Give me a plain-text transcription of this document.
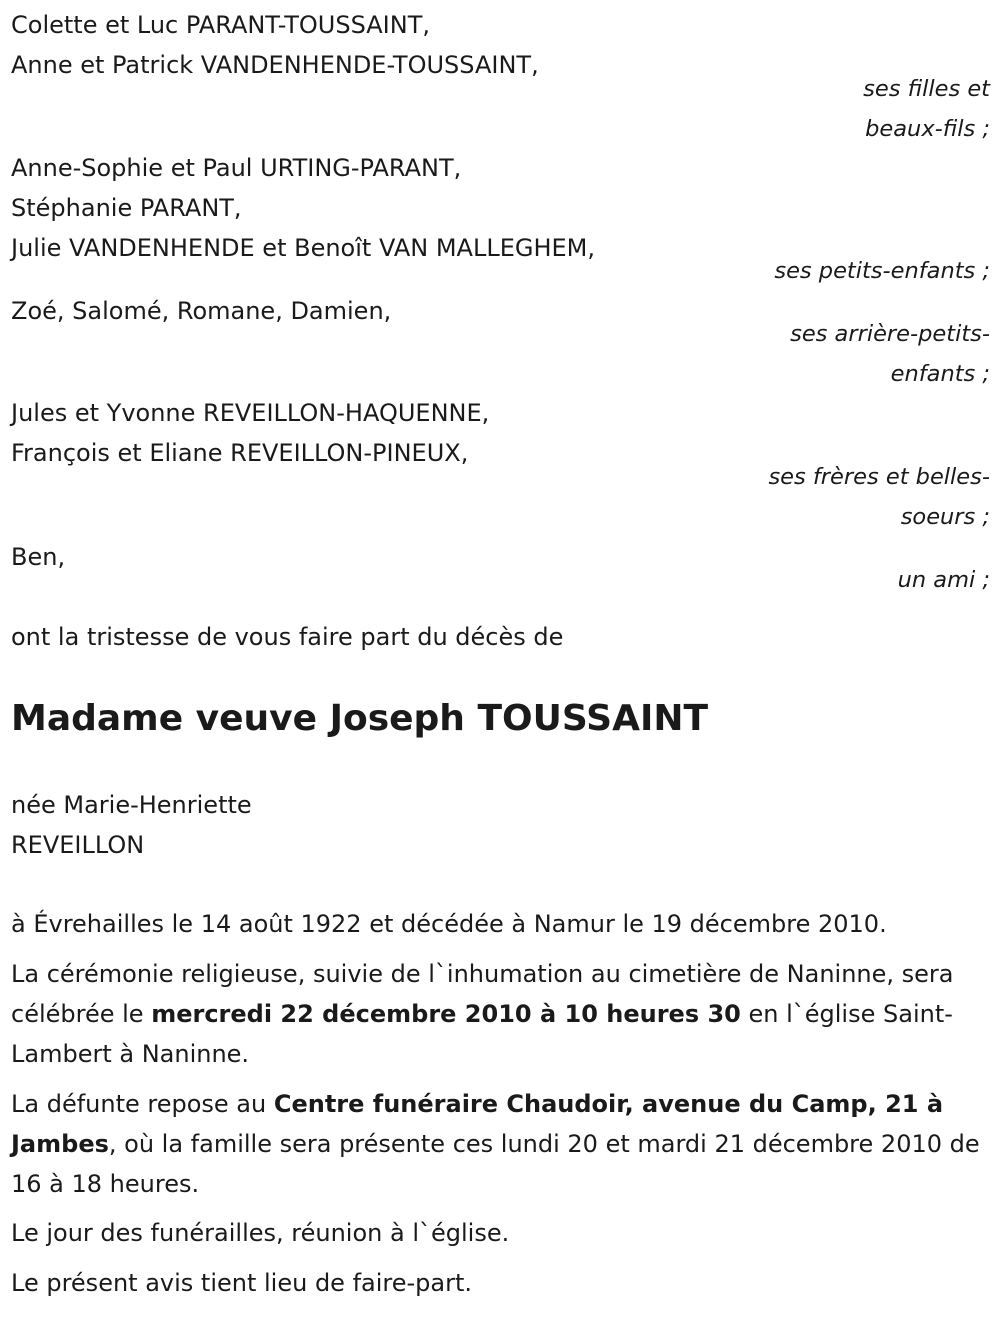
Colette et Luc PARANT-TOUSSAINT,
Anne et Patrick VANDENHENDE-TOUSSAINT,
ses filles et
beaux-fils ;
Anne-Sophie et Paul URTING-PARANT,
Stéphanie PARANT,
Julie VANDENHENDE et Benoît VAN MALLEGHEM,
ses petits-enfants ;
Zoé, Salomé, Romane, Damien,
ses arrière-petits-
enfants ;
Jules et Yvonne REVEILLON-HAQUENNE,
François et Eliane REVEILLON-PINEUX,
ses frères et belles-
soeurs ;
Ben,
un ami ;
ont la tristesse de vous faire part du décès de
Madame veuve Joseph TOUSSAINT
née Marie-Henriette
REVEILLON
à Évrehailles le 14 août 1922 et décédée à Namur le 19 décembre 2010.
La cérémonie religieuse, suivie de l`inhumation au cimetière de Naninne, sera célébrée le mercredi 22 décembre 2010 à 10 heures 30 en l`église Saint-Lambert à Naninne.
La défunte repose au Centre funéraire Chaudoir, avenue du Camp, 21 à Jambes, où la famille sera présente ces lundi 20 et mardi 21 décembre 2010 de 16 à 18 heures.
Le jour des funérailles, réunion à l`église.
Le présent avis tient lieu de faire-part.
